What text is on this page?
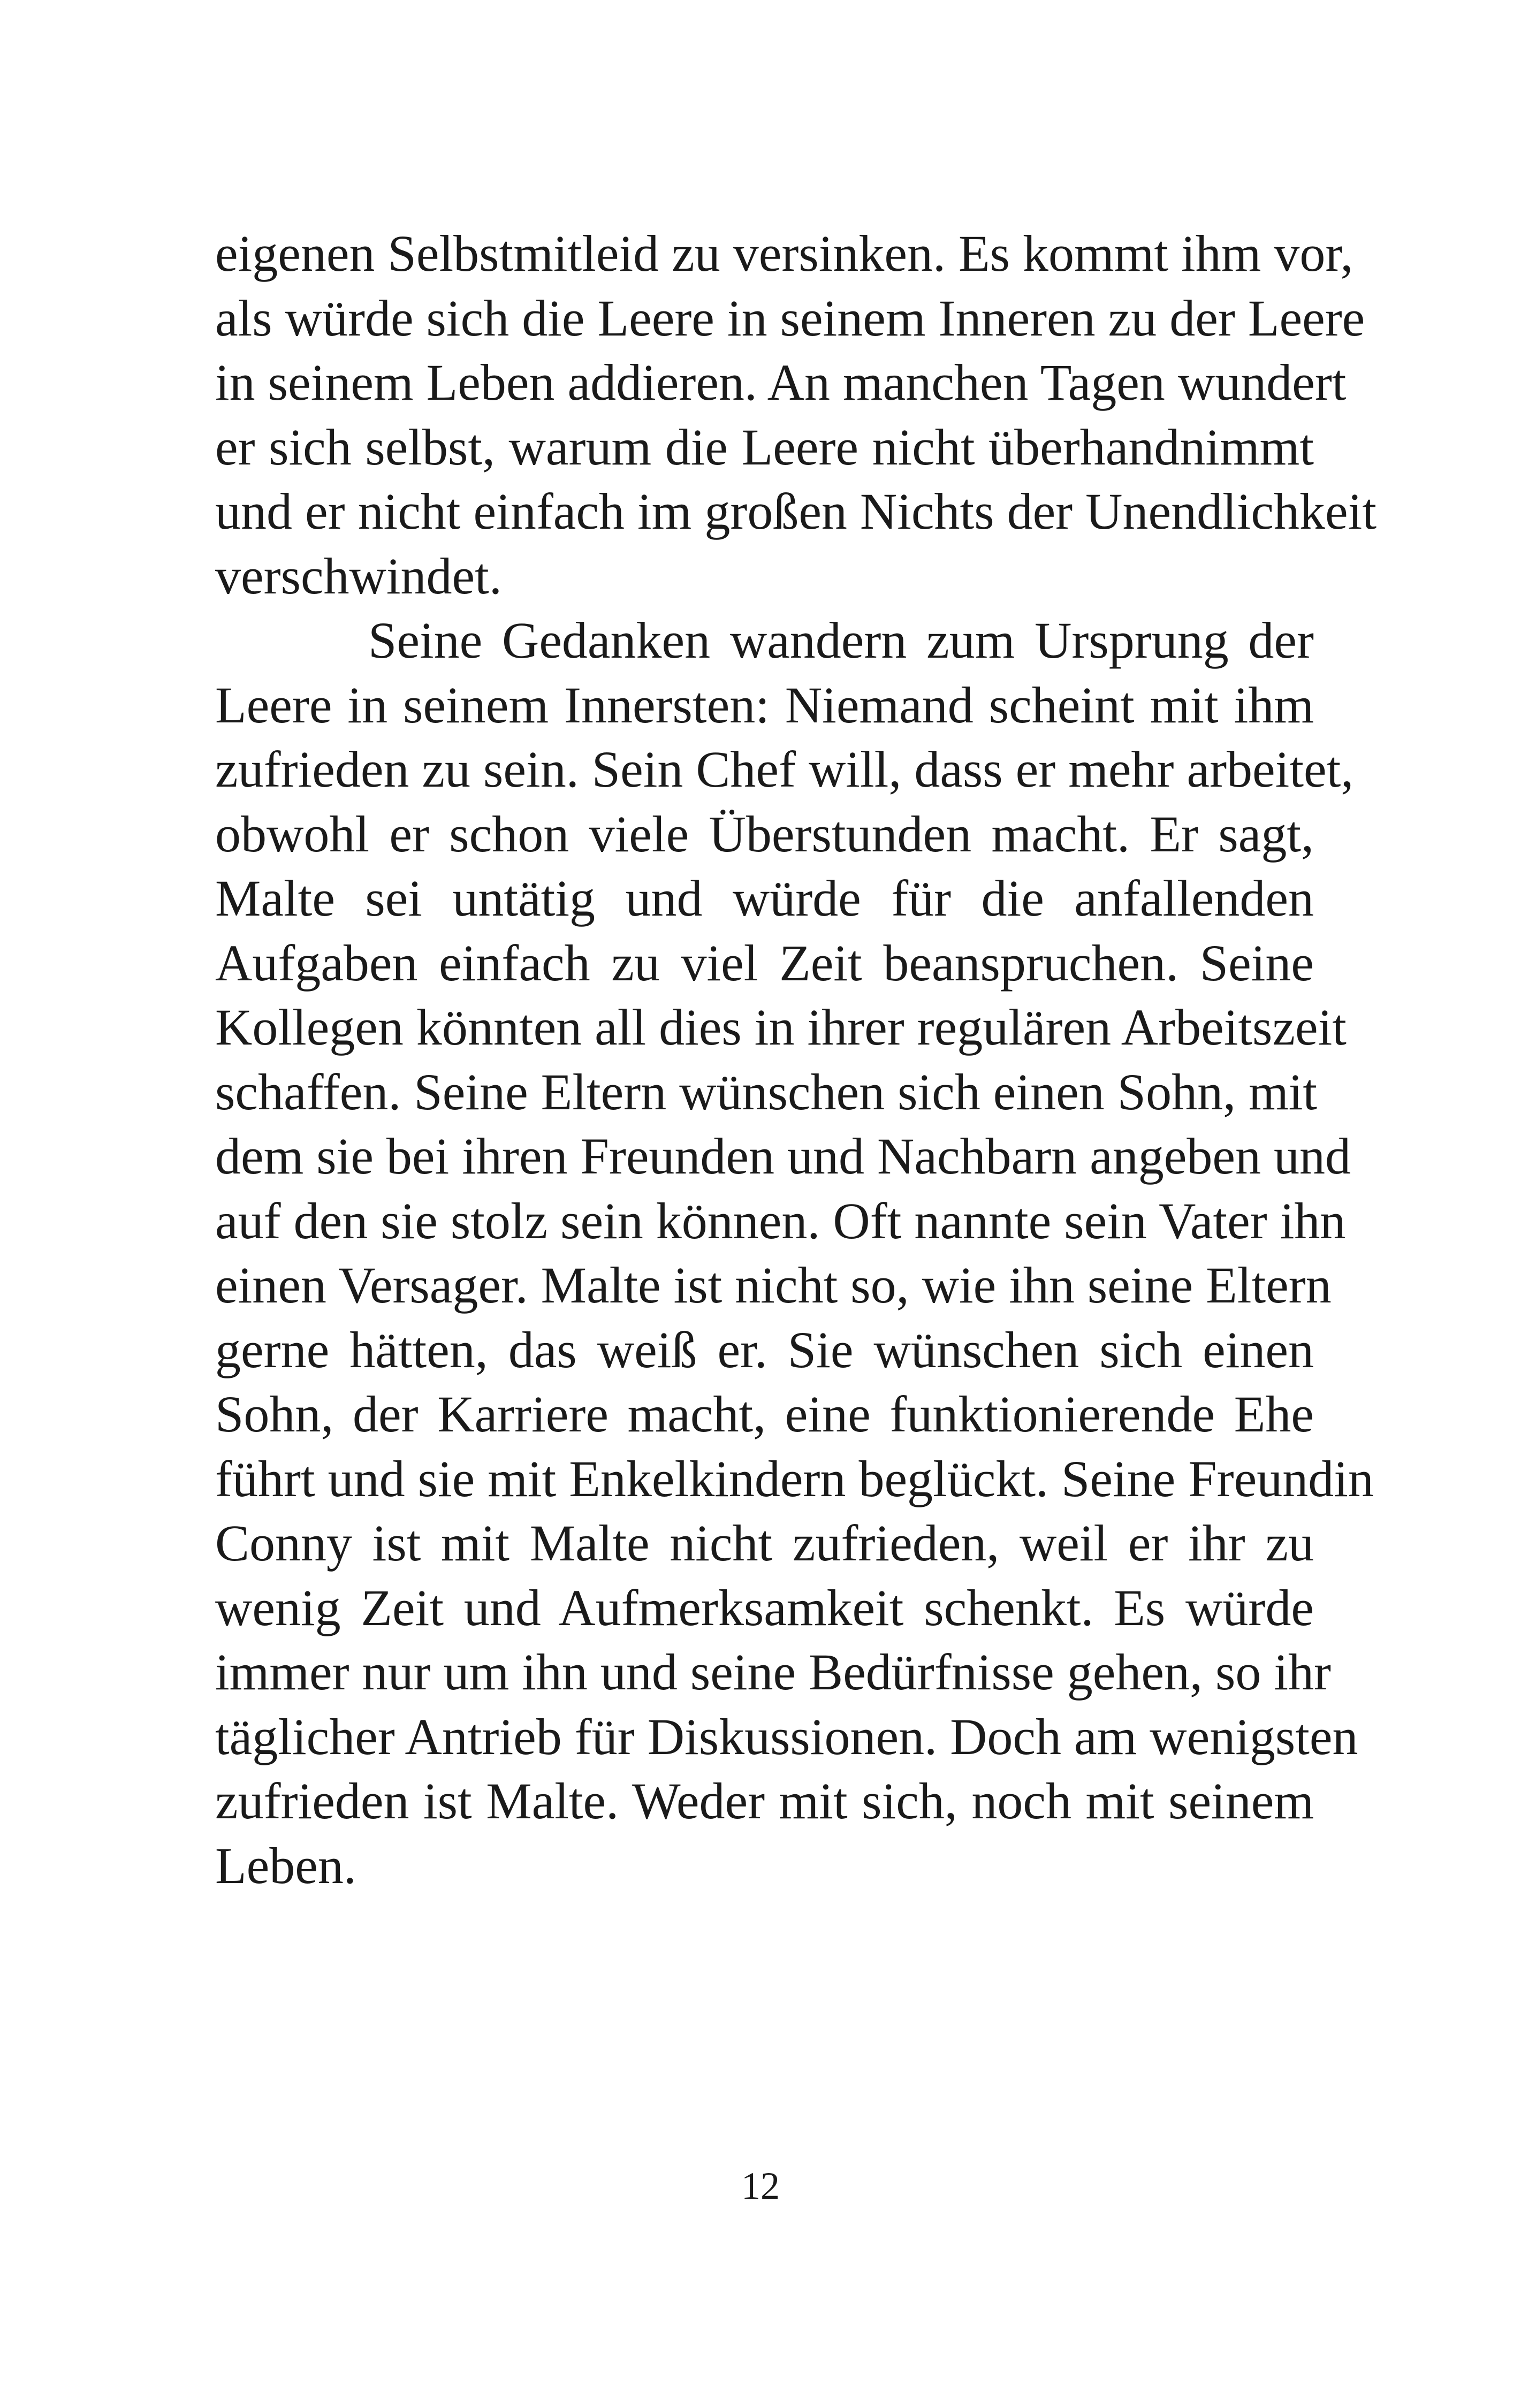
eigenen Selbstmitleid zu versinken. Es kommt ihm vor,
als würde sich die Leere in seinem Inneren zu der Leere
in seinem Leben addieren. An manchen Tagen wundert
er sich selbst, warum die Leere nicht überhandnimmt
und er nicht einfach im großen Nichts der Unendlichkeit
verschwindet.
Seine Gedanken wandern zum Ursprung der
Leere in seinem Innersten: Niemand scheint mit ihm
zufrieden zu sein. Sein Chef will, dass er mehr arbeitet,
obwohl er schon viele Überstunden macht. Er sagt,
Malte sei untätig und würde für die anfallenden
Aufgaben einfach zu viel Zeit beanspruchen. Seine
Kollegen könnten all dies in ihrer regulären Arbeitszeit
schaffen. Seine Eltern wünschen sich einen Sohn, mit
dem sie bei ihren Freunden und Nachbarn angeben und
auf den sie stolz sein können. Oft nannte sein Vater ihn
einen Versager. Malte ist nicht so, wie ihn seine Eltern
gerne hätten, das weiß er. Sie wünschen sich einen
Sohn, der Karriere macht, eine funktionierende Ehe
führt und sie mit Enkelkindern beglückt. Seine Freundin
Conny ist mit Malte nicht zufrieden, weil er ihr zu
wenig Zeit und Aufmerksamkeit schenkt. Es würde
immer nur um ihn und seine Bedürfnisse gehen, so ihr
täglicher Antrieb für Diskussionen. Doch am wenigsten
zufrieden ist Malte. Weder mit sich, noch mit seinem
Leben.
12
